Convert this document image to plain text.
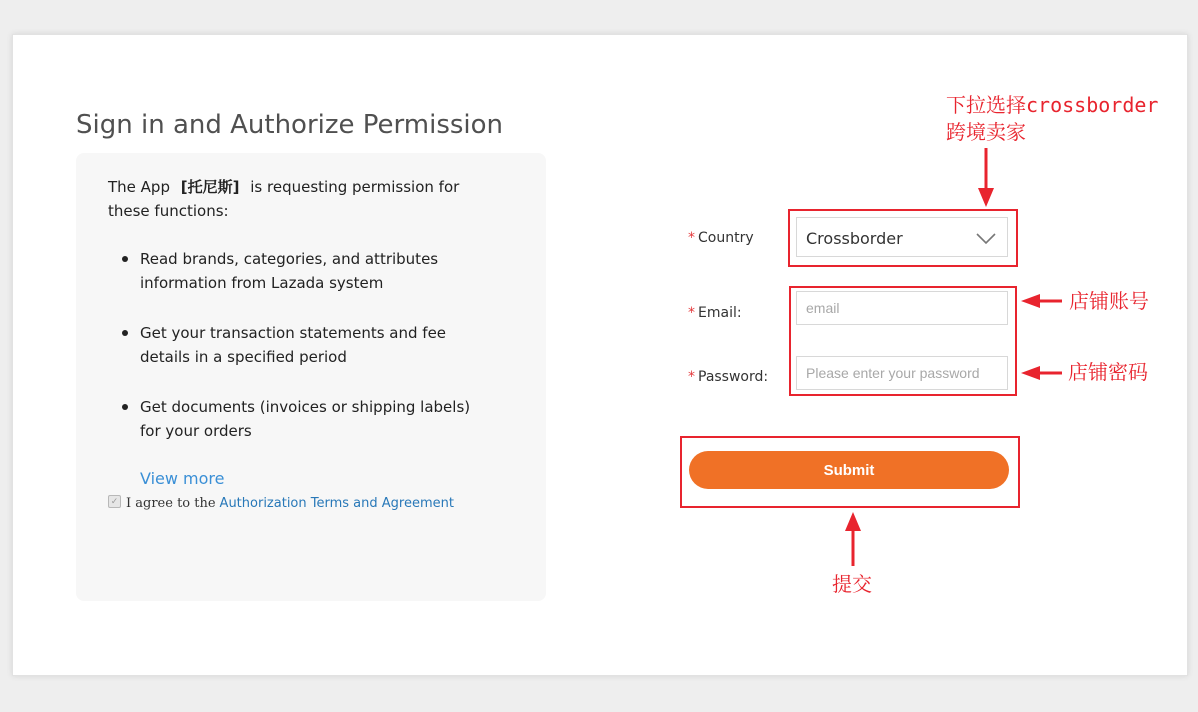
Sign in and Authorize Permission
The App [托尼斯] is requesting permission for these functions:
Read brands, categories, and attributes information from Lazada system
Get your transaction statements and fee details in a specified period
Get documents (invoices or shipping labels) for your orders
View more
✓ I agree to the Authorization Terms and Agreement
* Country
* Email:
* Password:
Crossborder
email
Submit
下拉选择crossborder
跨境卖家
店铺账号
店铺密码
提交
